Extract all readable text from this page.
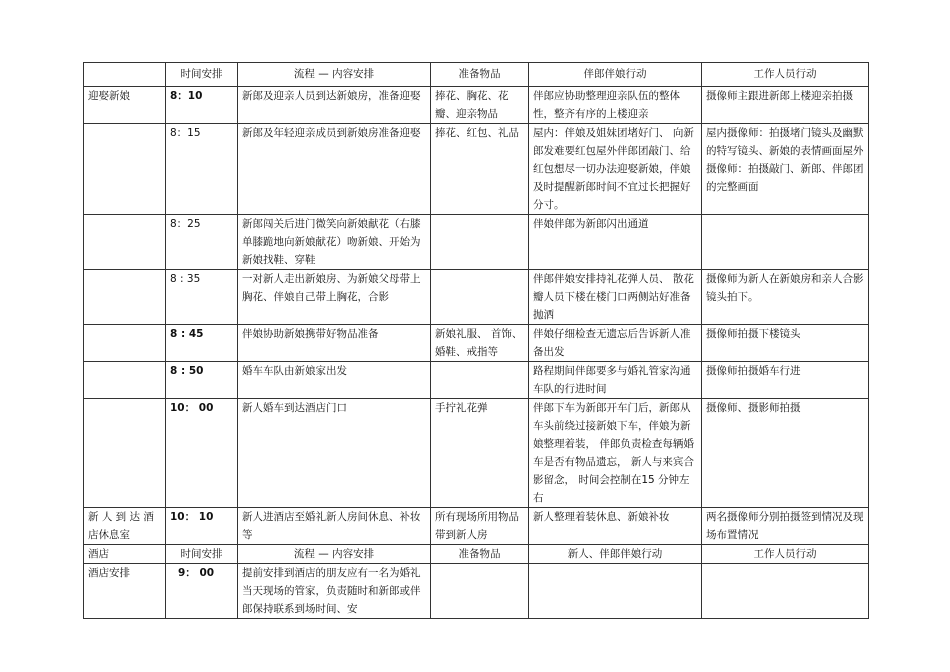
	时间安排	流程 — 内容安排	准备物品	伴郎伴娘行动	工作人员行动
迎娶新娘	8：10	新郎及迎亲人员到达新娘房，准备迎娶	捧花、胸花、花瓣、迎亲物品	伴郎应协助整理迎亲队伍的整体性，整齐有序的上楼迎亲	摄像师主跟进新郎上楼迎亲拍摄
	8：15	新郎及年轻迎亲成员到新娘房准备迎娶	捧花、红包、礼品	屋内：伴娘及姐妹团堵好门、 向新郎发难要红包屋外伴郎团敲门、给红包想尽一切办法迎娶新娘，伴娘及时提醒新郎时间不宜过长把握好分寸。	屋内摄像师：拍摄堵门镜头及幽默的特写镜头、新娘的表情画面屋外摄像师：拍摄敲门、新郎、伴郎团的完整画面
	8：25	新郎闯关后进门微笑向新娘献花（右膝单膝跪地向新娘献花）吻新娘、开始为新娘找鞋、穿鞋		伴娘伴郎为新郎闪出通道	
	8 : 35	一对新人走出新娘房、为新娘父母带上胸花、伴娘自己带上胸花，合影		伴郎伴娘安排持礼花弹人员、 散花瓣人员下楼在楼门口两侧站好准备抛洒	摄像师为新人在新娘房和亲人合影镜头拍下。
	8 : 45	伴娘协助新娘携带好物品准备	新娘礼服、 首饰、婚鞋、戒指等	伴娘仔细检查无遗忘后告诉新人准备出发	摄像师拍摄下楼镜头
	8 : 50	婚车车队由新娘家出发		路程期间伴郎要多与婚礼管家沟通车队的行进时间	摄像师拍摄婚车行进
	10： 00	新人婚车到达酒店门口	手拧礼花弹	伴郎下车为新郎开车门后，新郎从车头前绕过接新娘下车，伴娘为新娘整理着装， 伴郎负责检查每辆婚车是否有物品遗忘， 新人与来宾合影留念， 时间会控制在15 分钟左右	摄像师、摄影师拍摄
新 人 到 达 酒店休息室	10： 10	新人进酒店至婚礼新人房间休息、补妆等	所有现场所用物品带到新人房	新人整理着装休息、新娘补妆	两名摄像师分别拍摄签到情况及现场布置情况
酒店	时间安排	流程 — 内容安排	准备物品	新人、伴郎伴娘行动	工作人员行动
酒店安排	9： 00	提前安排到酒店的朋友应有一名为婚礼当天现场的管家，负责随时和新郎或伴郎保持联系到场时间、安			
